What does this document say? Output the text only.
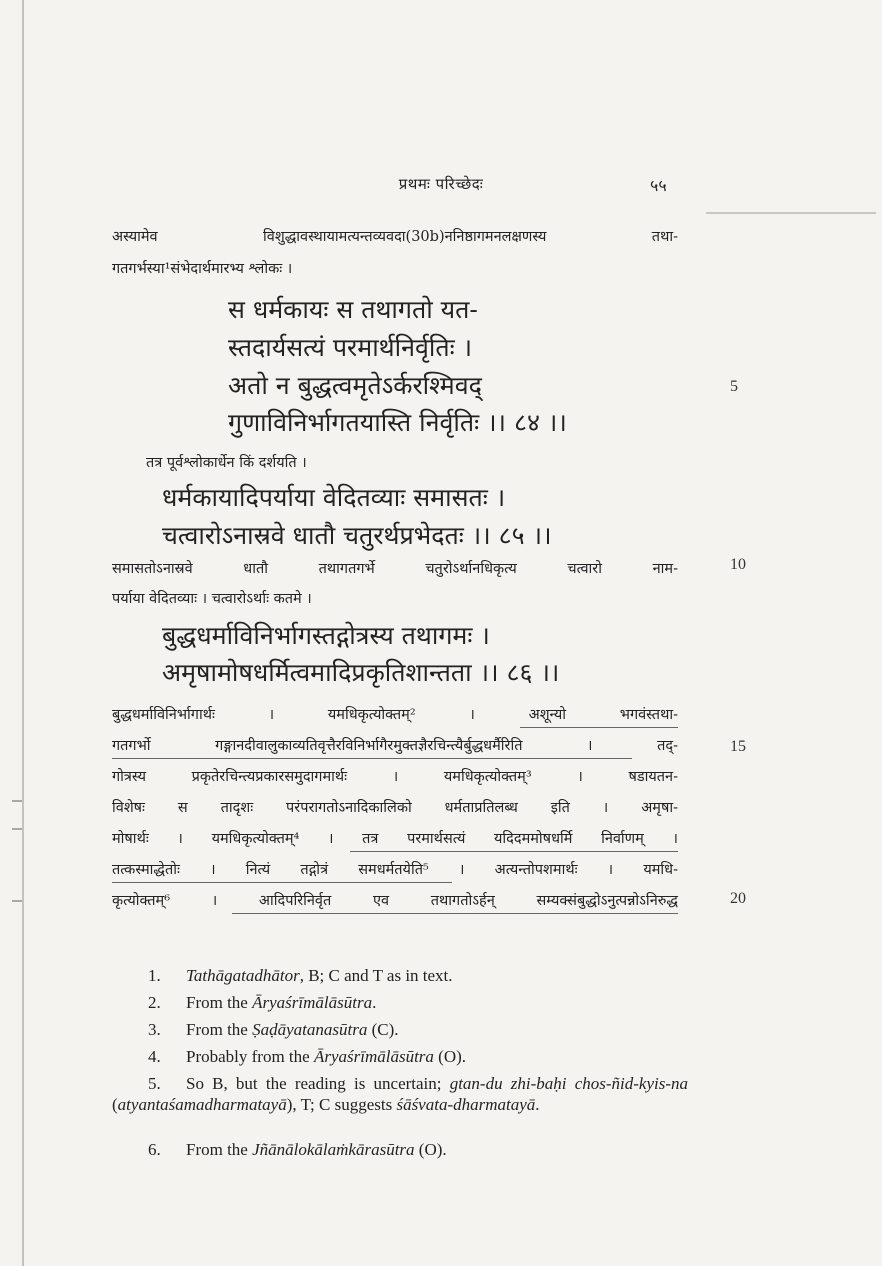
प्रथमः परिच्छेदः	५५
अस्यामेव विशुद्धावस्थायामत्यन्तव्यवदा(30b)ननिष्ठागमनलक्षणस्य तथा-
गतगर्भस्या¹संभेदार्थमारभ्य श्लोकः ।
स धर्मकायः स तथागतो यत-
स्तदार्यसत्यं परमार्थनिर्वृतिः ।
अतो न बुद्धत्वमृतेऽर्करश्मिवद्
गुणाविनिर्भागतयास्ति निर्वृतिः ।। ८४ ।।
5
तत्र पूर्वश्लोकार्धेन किं दर्शयति ।
धर्मकायादिपर्याया वेदितव्याः समासतः ।
चत्वारोऽनास्रवे धातौ चतुरर्थप्रभेदतः ।। ८५ ।।
समासतोऽनास्रवे धातौ तथागतगर्भे चतुरोऽर्थानधिकृत्य चत्वारो नाम-
पर्याया वेदितव्याः । चत्वारोऽर्थाः कतमे ।
10
बुद्धधर्माविनिर्भागस्तद्गोत्रस्य तथागमः ।
अमृषामोषधर्मित्वमादिप्रकृतिशान्तता ।। ८६ ।।
बुद्धधर्माविनिर्भागार्थः । यमधिकृत्योक्तम्² । अशून्यो भगवंस्तथा-
गतगर्भो गङ्गानदीवालुकाव्यतिवृत्तैरविनिर्भागैरमुक्तज्ञैरचिन्त्यैर्बुद्धधर्मैरिति । तद्-
गोत्रस्य प्रकृतेरचिन्त्यप्रकारसमुदागमार्थः । यमधिकृत्योक्तम्³ । षडायतन-
विशेषः स तादृशः परंपरागतोऽनादिकालिको धर्मताप्रतिलब्ध इति । अमृषा-
मोषार्थः । यमधिकृत्योक्तम्⁴ । तत्र परमार्थसत्यं यदिदममोषधर्मि निर्वाणम् ।
तत्कस्माद्धेतोः । नित्यं तद्गोत्रं समधर्मतयेति⁵ । अत्यन्तोपशमार्थः । यमधि-
कृत्योक्तम्⁶ । आदिपरिनिर्वृत एव तथागतोऽर्हन् सम्यक्संबुद्धोऽनुत्पन्नोऽनिरुद्ध
15
20
1. Tathāgatadhātor, B; C and T as in text.
2. From the Āryaśrīmālāsūtra.
3. From the Ṣaḍāyatanasūtra (C).
4. Probably from the Āryaśrīmālāsūtra (O).
5. So B, but the reading is uncertain; gtan-du zhi-baḥi chos-ñid-kyis-na (atyantaśamadharmatayā), T; C suggests śāśvata-dharmatayā.
6. From the Jñānālokālaṁkārasūtra (O).
